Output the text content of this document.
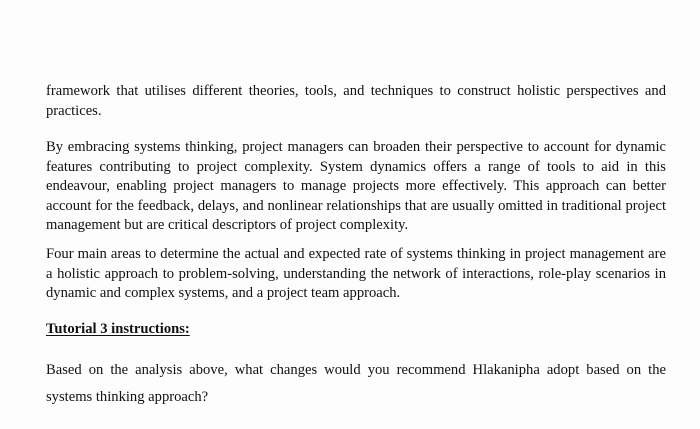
framework that utilises different theories, tools, and techniques to construct holistic perspectives and practices.

By embracing systems thinking, project managers can broaden their perspective to account for dynamic features contributing to project complexity. System dynamics offers a range of tools to aid in this endeavour, enabling project managers to manage projects more effectively. This approach can better account for the feedback, delays, and nonlinear relationships that are usually omitted in traditional project management but are critical descriptors of project complexity.

Four main areas to determine the actual and expected rate of systems thinking in project management are a holistic approach to problem-solving, understanding the network of interactions, role-play scenarios in dynamic and complex systems, and a project team approach.

Tutorial 3 instructions:

Based on the analysis above, what changes would you recommend Hlakanipha adopt based on the systems thinking approach?
